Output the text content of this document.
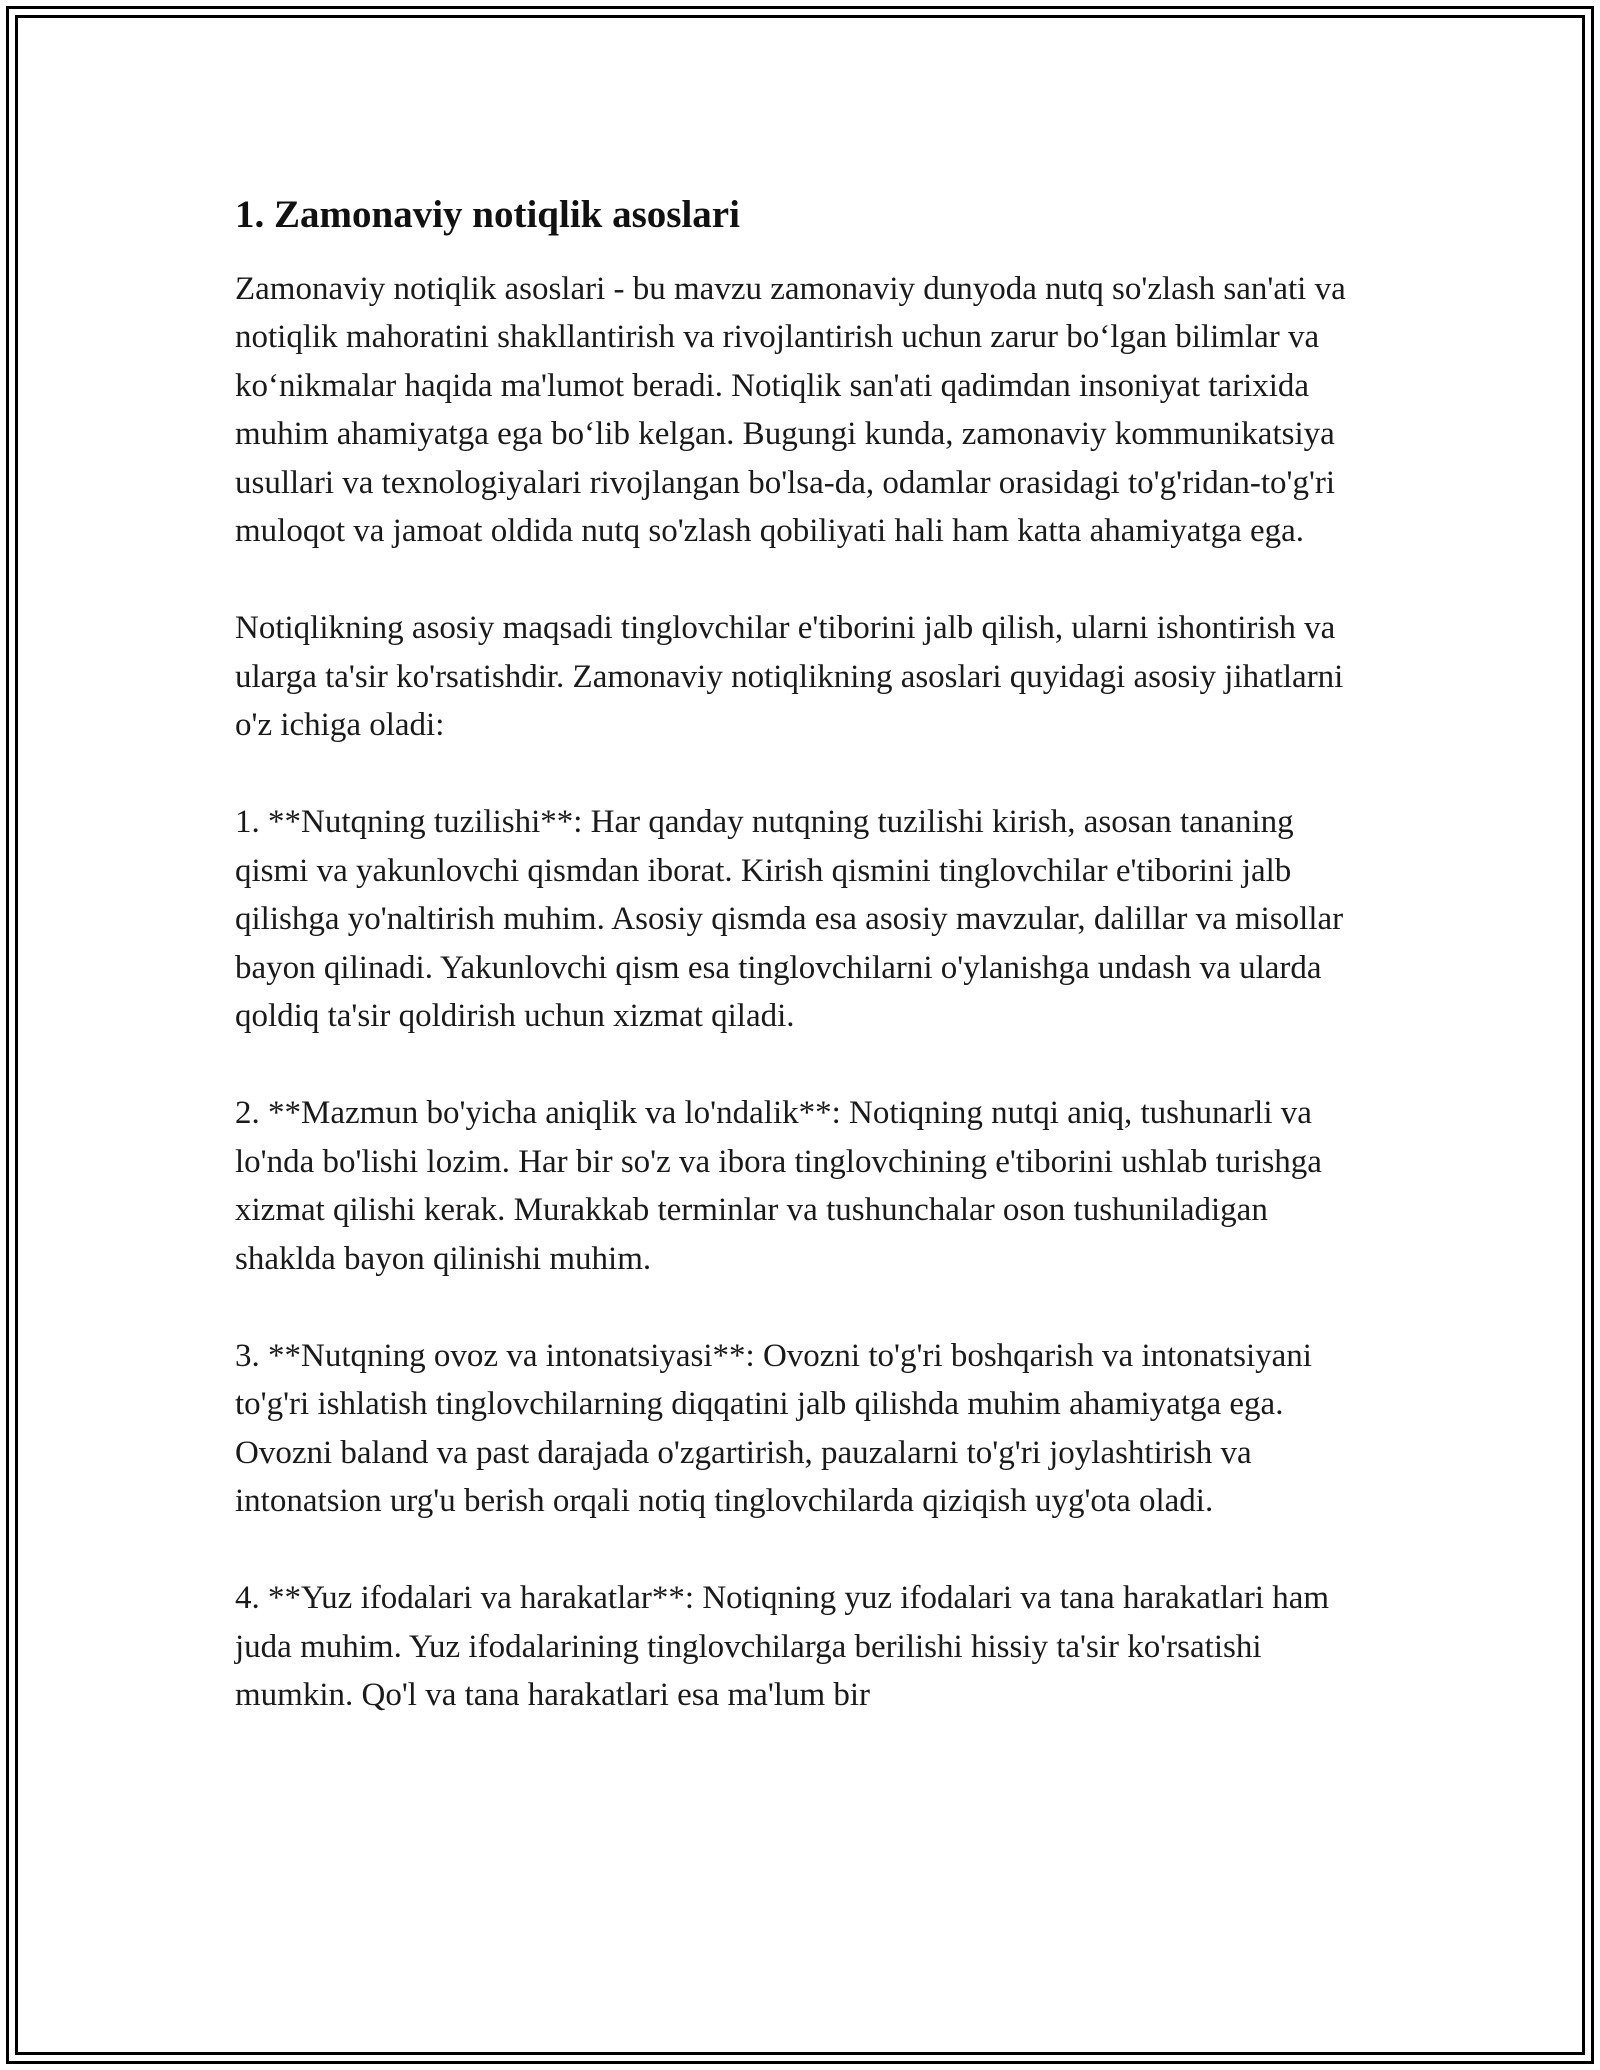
1. Zamonaviy notiqlik asoslari

Zamonaviy notiqlik asoslari - bu mavzu zamonaviy dunyoda nutq so'zlash san'ati va notiqlik mahoratini shakllantirish va rivojlantirish uchun zarur bo‘lgan bilimlar va ko‘nikmalar haqida ma'lumot beradi. Notiqlik san'ati qadimdan insoniyat tarixida muhim ahamiyatga ega bo‘lib kelgan. Bugungi kunda, zamonaviy kommunikatsiya usullari va texnologiyalari rivojlangan bo'lsa-da, odamlar orasidagi to'g'ridan-to'g'ri muloqot va jamoat oldida nutq so'zlash qobiliyati hali ham katta ahamiyatga ega.

Notiqlikning asosiy maqsadi tinglovchilar e'tiborini jalb qilish, ularni ishontirish va ularga ta'sir ko'rsatishdir. Zamonaviy notiqlikning asoslari quyidagi asosiy jihatlarni o'z ichiga oladi:

1. **Nutqning tuzilishi**: Har qanday nutqning tuzilishi kirish, asosan tananing qismi va yakunlovchi qismdan iborat. Kirish qismini tinglovchilar e'tiborini jalb qilishga yo'naltirish muhim. Asosiy qismda esa asosiy mavzular, dalillar va misollar bayon qilinadi. Yakunlovchi qism esa tinglovchilarni o'ylanishga undash va ularda qoldiq ta'sir qoldirish uchun xizmat qiladi.

2. **Mazmun bo'yicha aniqlik va lo'ndalik**: Notiqning nutqi aniq, tushunarli va lo'nda bo'lishi lozim. Har bir so'z va ibora tinglovchining e'tiborini ushlab turishga xizmat qilishi kerak. Murakkab terminlar va tushunchalar oson tushuniladigan shaklda bayon qilinishi muhim.

3. **Nutqning ovoz va intonatsiyasi**: Ovozni to'g'ri boshqarish va intonatsiyani to'g'ri ishlatish tinglovchilarning diqqatini jalb qilishda muhim ahamiyatga ega. Ovozni baland va past darajada o'zgartirish, pauzalarni to'g'ri joylashtirish va intonatsion urg'u berish orqali notiq tinglovchilarda qiziqish uyg'ota oladi.

4. **Yuz ifodalari va harakatlar**: Notiqning yuz ifodalari va tana harakatlari ham juda muhim. Yuz ifodalarining tinglovchilarga berilishi hissiy ta'sir ko'rsatishi mumkin. Qo'l va tana harakatlari esa ma'lum bir
